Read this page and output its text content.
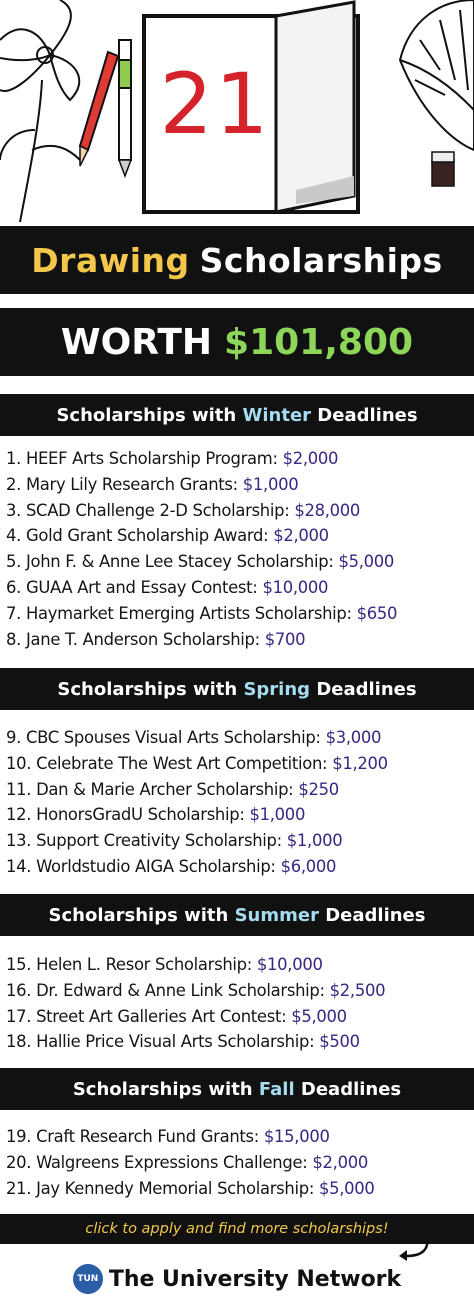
21
Drawing Scholarships
WORTH $101,800
Scholarships with Winter Deadlines
1. HEEF Arts Scholarship Program: $2,000
2. Mary Lily Research Grants: $1,000
3. SCAD Challenge 2-D Scholarship: $28,000
4. Gold Grant Scholarship Award: $2,000
5. John F. & Anne Lee Stacey Scholarship: $5,000
6. GUAA Art and Essay Contest: $10,000
7. Haymarket Emerging Artists Scholarship: $650
8. Jane T. Anderson Scholarship: $700
Scholarships with Spring Deadlines
9. CBC Spouses Visual Arts Scholarship: $3,000
10. Celebrate The West Art Competition: $1,200
11. Dan & Marie Archer Scholarship: $250
12. HonorsGradU Scholarship: $1,000
13. Support Creativity Scholarship: $1,000
14. Worldstudio AIGA Scholarship: $6,000
Scholarships with Summer Deadlines
15. Helen L. Resor Scholarship: $10,000
16. Dr. Edward & Anne Link Scholarship: $2,500
17. Street Art Galleries Art Contest: $5,000
18. Hallie Price Visual Arts Scholarship: $500
Scholarships with Fall Deadlines
19. Craft Research Fund Grants: $15,000
20. Walgreens Expressions Challenge: $2,000
21. Jay Kennedy Memorial Scholarship: $5,000
click to apply and find more scholarships!
TUN The University Network
